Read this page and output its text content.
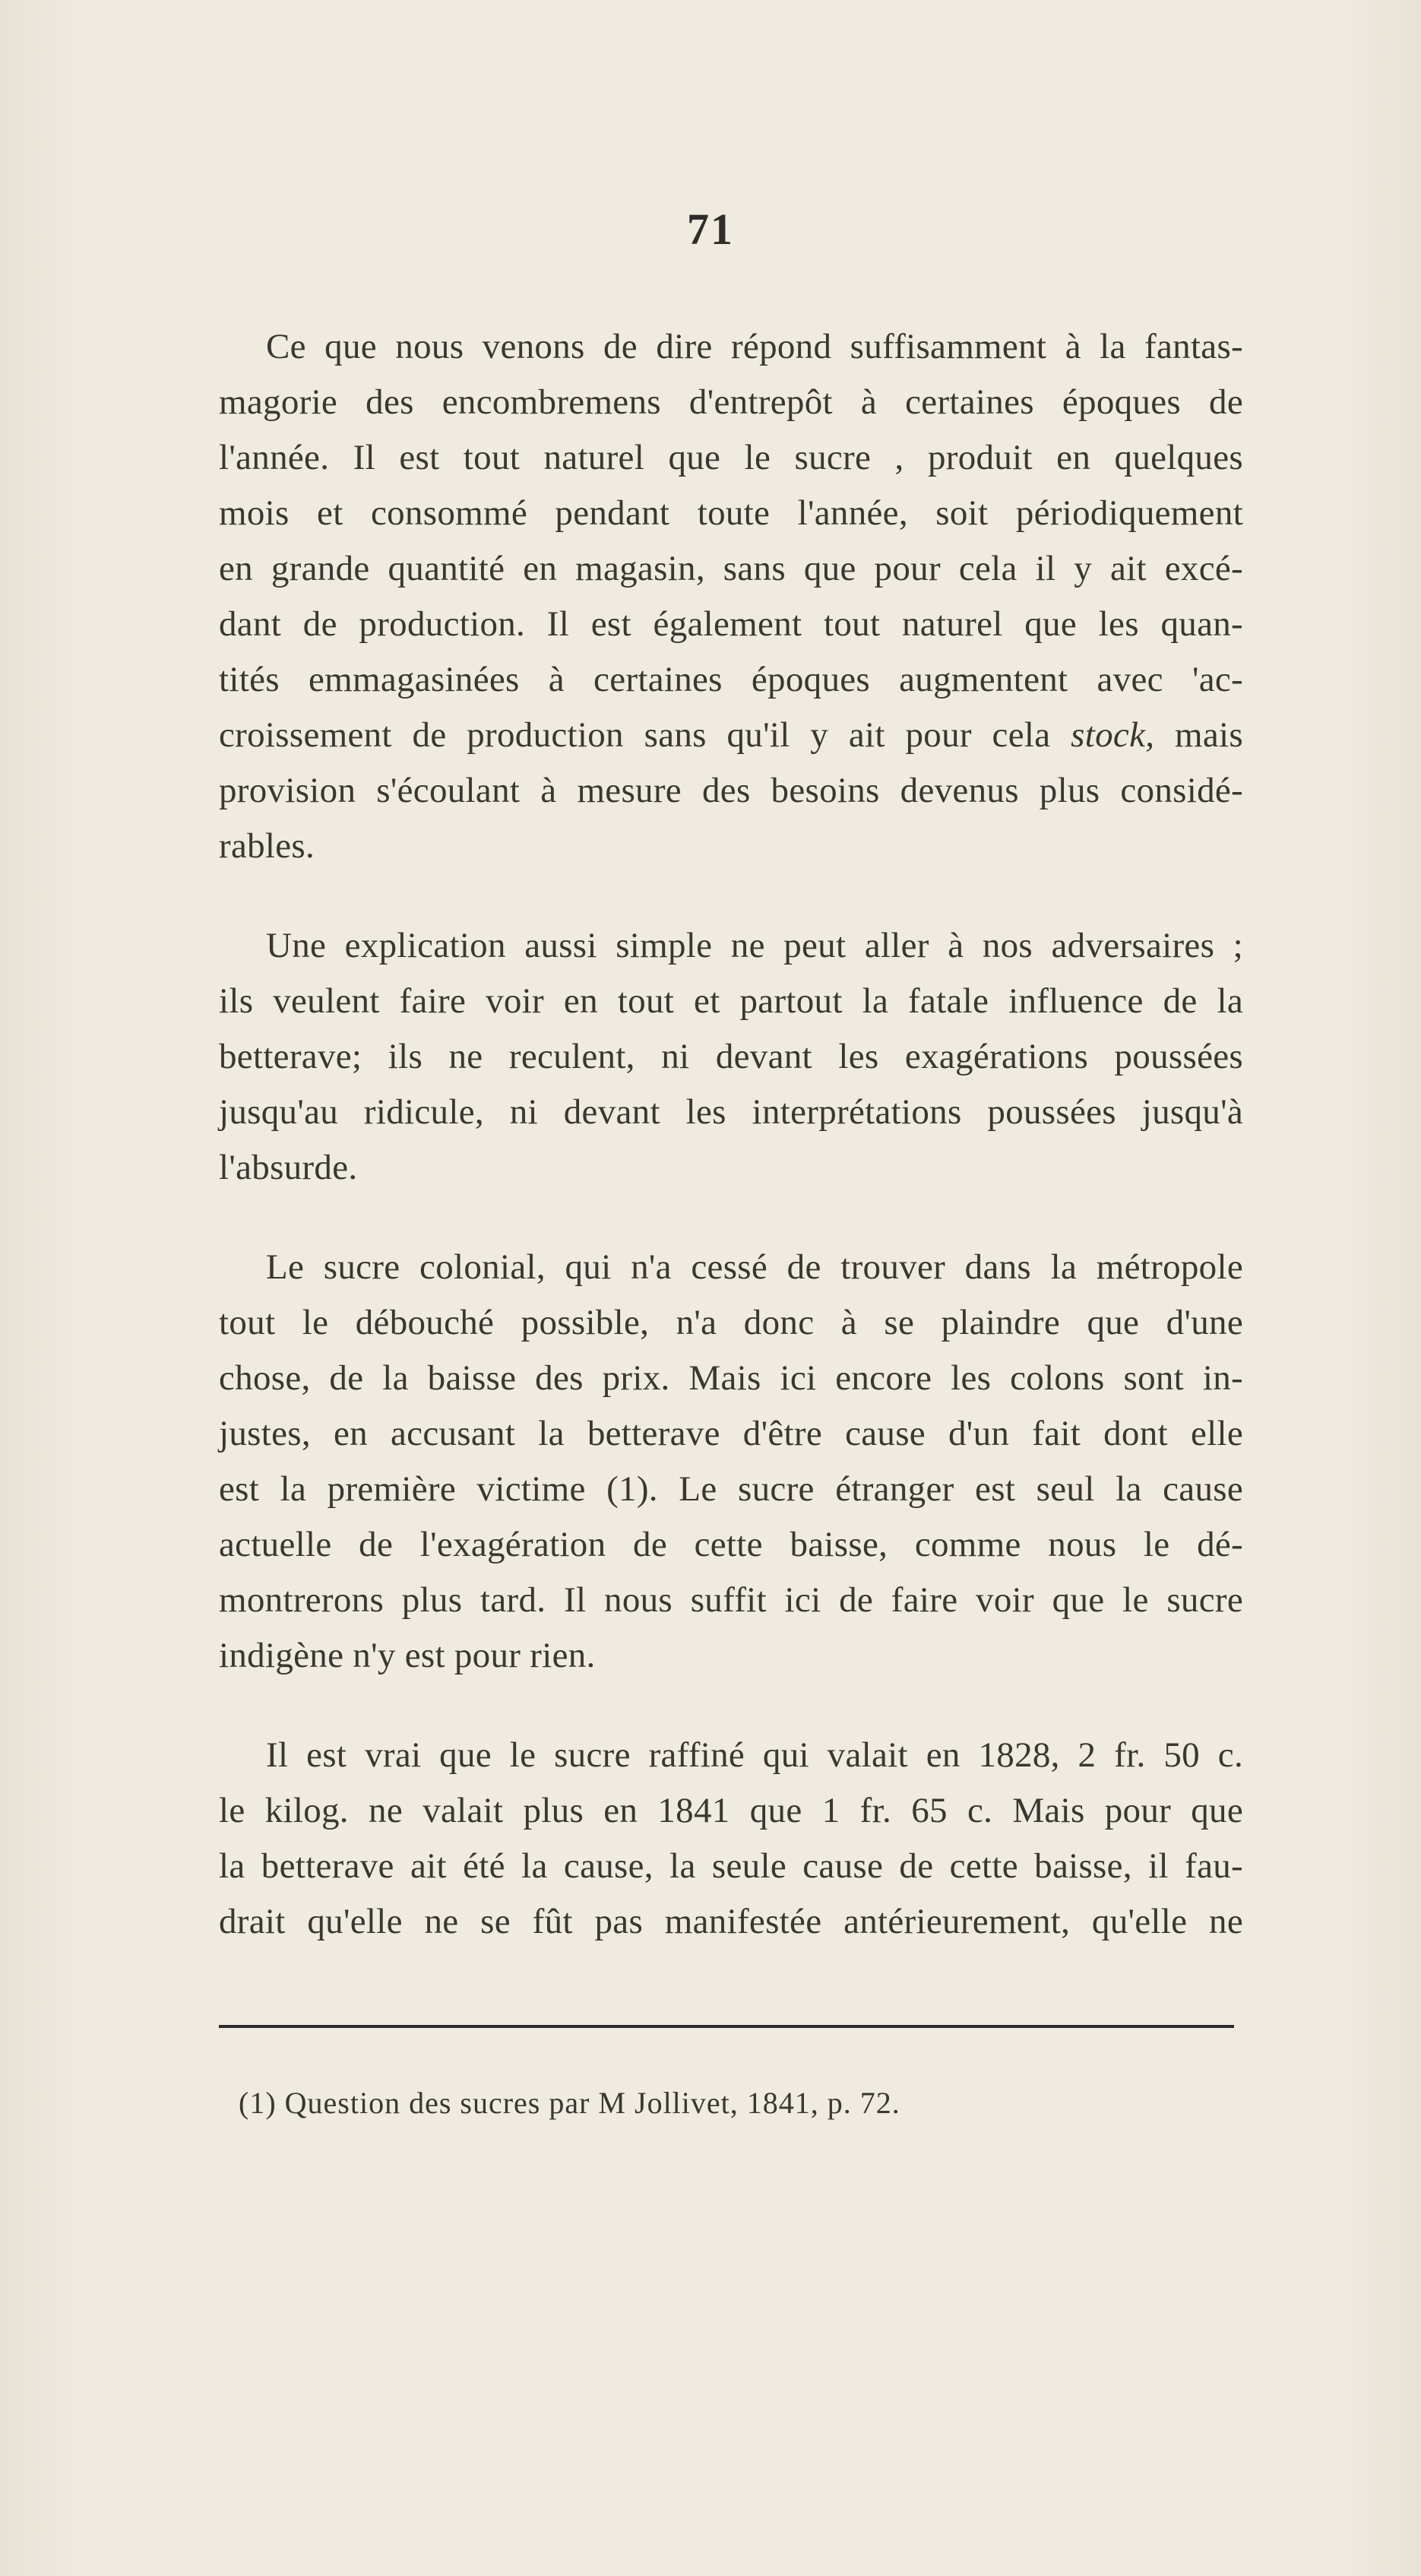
71

Ce que nous venons de dire répond suffisamment à la fantas-
magorie des encombremens d'entrepôt à certaines époques de
l'année. Il est tout naturel que le sucre , produit en quelques
mois et consommé pendant toute l'année, soit périodiquement
en grande quantité en magasin, sans que pour cela il y ait excé-
dant de production. Il est également tout naturel que les quan-
tités emmagasinées à certaines époques augmentent avec 'ac-
croissement de production sans qu'il y ait pour cela stock, mais
provision s'écoulant à mesure des besoins devenus plus considé-
rables.

Une explication aussi simple ne peut aller à nos adversaires ;
ils veulent faire voir en tout et partout la fatale influence de la
betterave; ils ne reculent, ni devant les exagérations poussées
jusqu'au ridicule, ni devant les interprétations poussées jusqu'à
l'absurde.

Le sucre colonial, qui n'a cessé de trouver dans la métropole
tout le débouché possible, n'a donc à se plaindre que d'une
chose, de la baisse des prix. Mais ici encore les colons sont in-
justes, en accusant la betterave d'être cause d'un fait dont elle
est la première victime (1). Le sucre étranger est seul la cause
actuelle de l'exagération de cette baisse, comme nous le dé-
montrerons plus tard. Il nous suffit ici de faire voir que le sucre
indigène n'y est pour rien.

Il est vrai que le sucre raffiné qui valait en 1828, 2 fr. 50 c.
le kilog. ne valait plus en 1841 que 1 fr. 65 c. Mais pour que
la betterave ait été la cause, la seule cause de cette baisse, il fau-
drait qu'elle ne se fût pas manifestée antérieurement, qu'elle ne

(1) Question des sucres par M Jollivet, 1841, p. 72.
